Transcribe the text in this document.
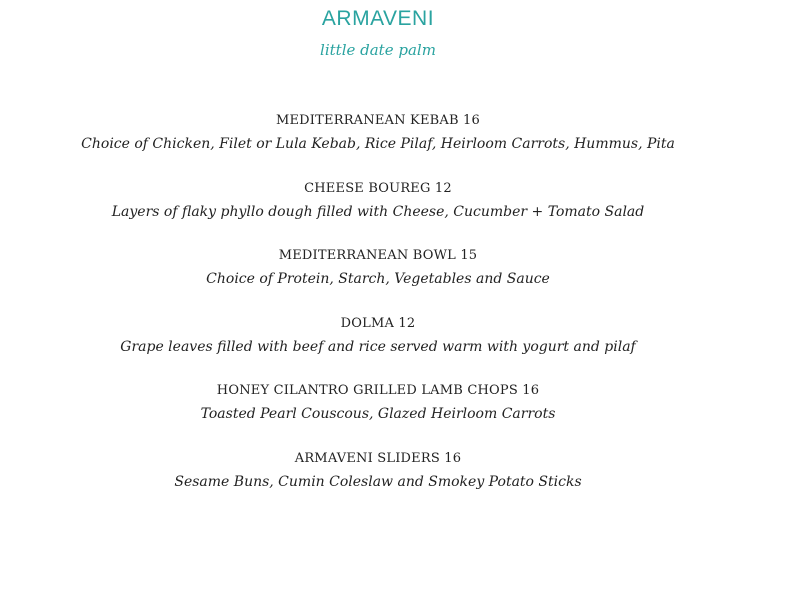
ARMAVENI
little date palm
MEDITERRANEAN KEBAB 16
Choice of Chicken, Filet or Lula Kebab, Rice Pilaf, Heirloom Carrots, Hummus, Pita
CHEESE BOUREG 12
Layers of flaky phyllo dough filled with Cheese, Cucumber + Tomato Salad
MEDITERRANEAN BOWL 15
Choice of Protein, Starch, Vegetables and Sauce
DOLMA 12
Grape leaves filled with beef and rice served warm with yogurt and pilaf
HONEY CILANTRO GRILLED LAMB CHOPS 16
Toasted Pearl Couscous, Glazed Heirloom Carrots
ARMAVENI SLIDERS 16
Sesame Buns, Cumin Coleslaw and Smokey Potato Sticks
